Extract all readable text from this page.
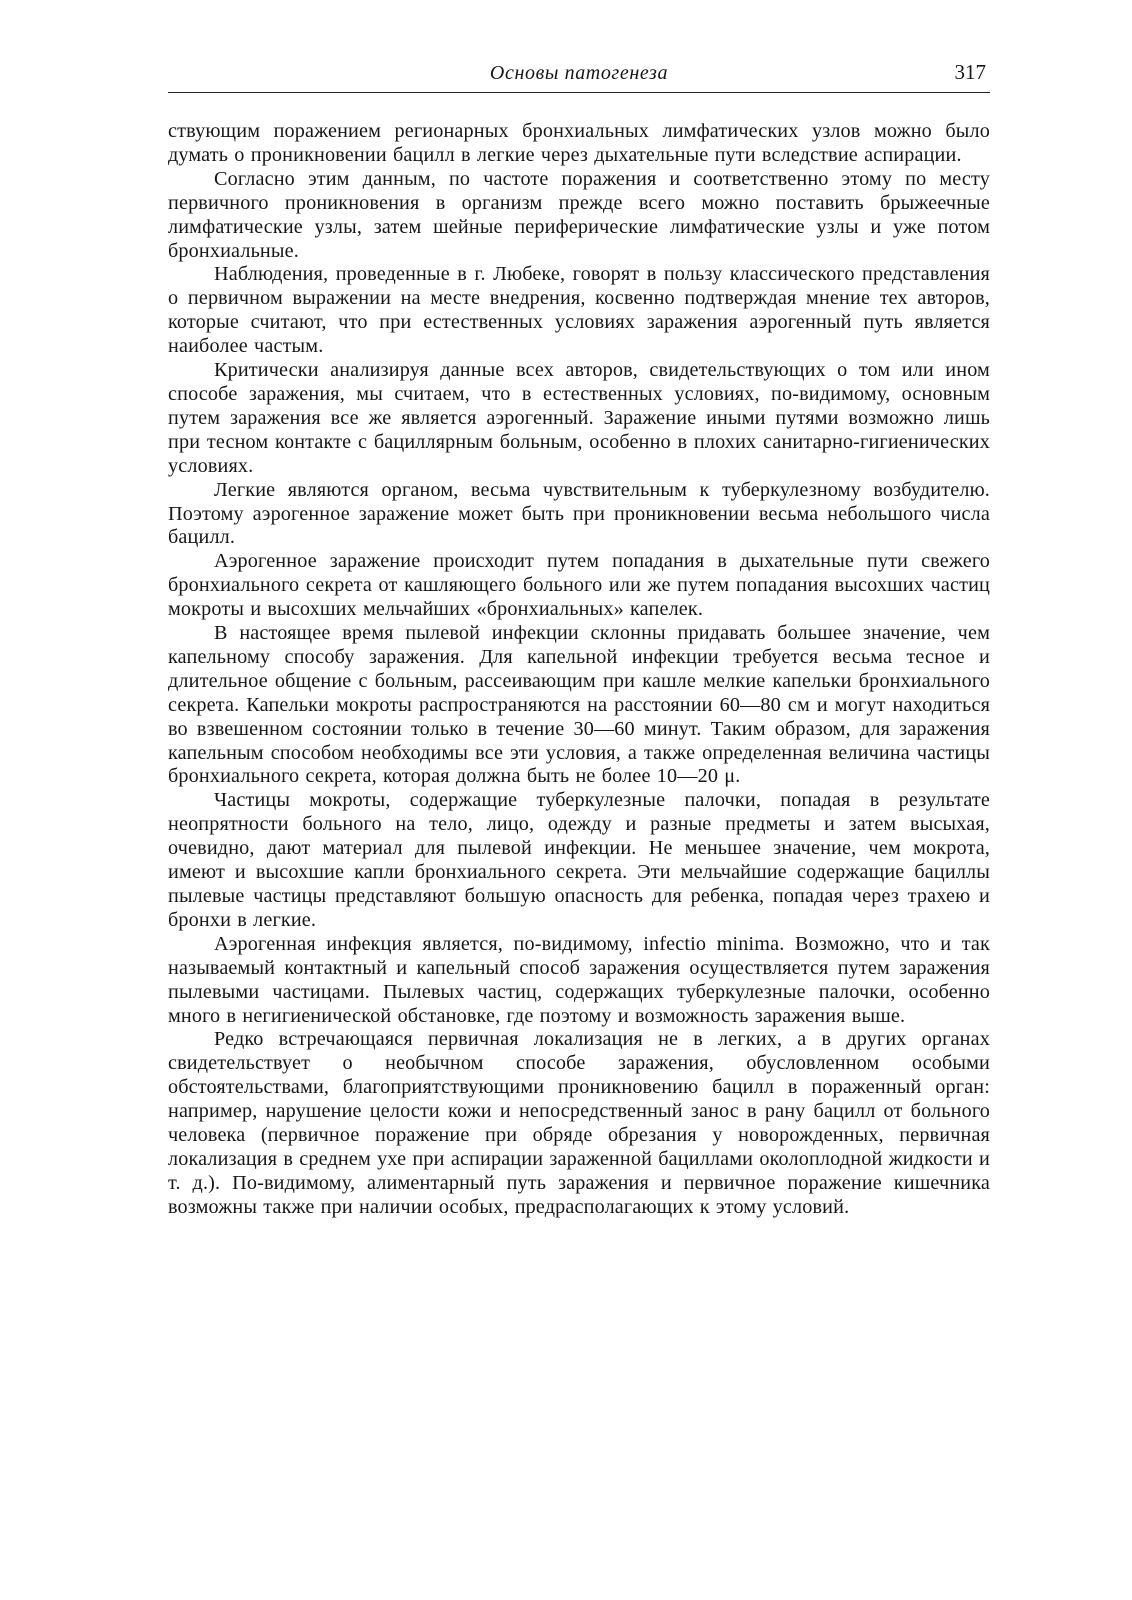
Основы патогенеза	317

ствующим поражением регионарных бронхиальных лимфатических узлов можно было думать о проникновении бацилл в легкие через дыхательные пути вследствие аспирации.

Согласно этим данным, по частоте поражения и соответственно этому по месту первичного проникновения в организм прежде всего можно поставить брыжеечные лимфатические узлы, затем шейные периферические лимфатические узлы и уже потом бронхиальные.

Наблюдения, проведенные в г. Любеке, говорят в пользу классического представления о первичном выражении на месте внедрения, косвенно подтверждая мнение тех авторов, которые считают, что при естественных условиях заражения аэрогенный путь является наиболее частым.

Критически анализируя данные всех авторов, свидетельствующих о том или ином способе заражения, мы считаем, что в естественных условиях, по-видимому, основным путем заражения все же является аэрогенный. Заражение иными путями возможно лишь при тесном контакте с бациллярным больным, особенно в плохих санитарно-гигиенических условиях.

Легкие являются органом, весьма чувствительным к туберкулезному возбудителю. Поэтому аэрогенное заражение может быть при проникновении весьма небольшого числа бацилл.

Аэрогенное заражение происходит путем попадания в дыхательные пути свежего бронхиального секрета от кашляющего больного или же путем попадания высохших частиц мокроты и высохших мельчайших «бронхиальных» капелек.

В настоящее время пылевой инфекции склонны придавать большее значение, чем капельному способу заражения. Для капельной инфекции требуется весьма тесное и длительное общение с больным, рассеивающим при кашле мелкие капельки бронхиального секрета. Капельки мокроты распространяются на расстоянии 60—80 см и могут находиться во взвешенном состоянии только в течение 30—60 минут. Таким образом, для заражения капельным способом необходимы все эти условия, а также определенная величина частицы бронхиального секрета, которая должна быть не более 10—20 μ.

Частицы мокроты, содержащие туберкулезные палочки, попадая в результате неопрятности больного на тело, лицо, одежду и разные предметы и затем высыхая, очевидно, дают материал для пылевой инфекции. Не меньшее значение, чем мокрота, имеют и высохшие капли бронхиального секрета. Эти мельчайшие содержащие бациллы пылевые частицы представляют большую опасность для ребенка, попадая через трахею и бронхи в легкие.

Аэрогенная инфекция является, по-видимому, infectio minima. Возможно, что и так называемый контактный и капельный способ заражения осуществляется путем заражения пылевыми частицами. Пылевых частиц, содержащих туберкулезные палочки, особенно много в негигиенической обстановке, где поэтому и возможность заражения выше.

Редко встречающаяся первичная локализация не в легких, а в других органах свидетельствует о необычном способе заражения, обусловленном особыми обстоятельствами, благоприятствующими проникновению бацилл в пораженный орган: например, нарушение целости кожи и непосредственный занос в рану бацилл от больного человека (первичное поражение при обряде обрезания у новорожденных, первичная локализация в среднем ухе при аспирации зараженной бациллами околоплодной жидкости и т. д.). По-видимому, алиментарный путь заражения и первичное поражение кишечника возможны также при наличии особых, предрасполагающих к этому условий.
